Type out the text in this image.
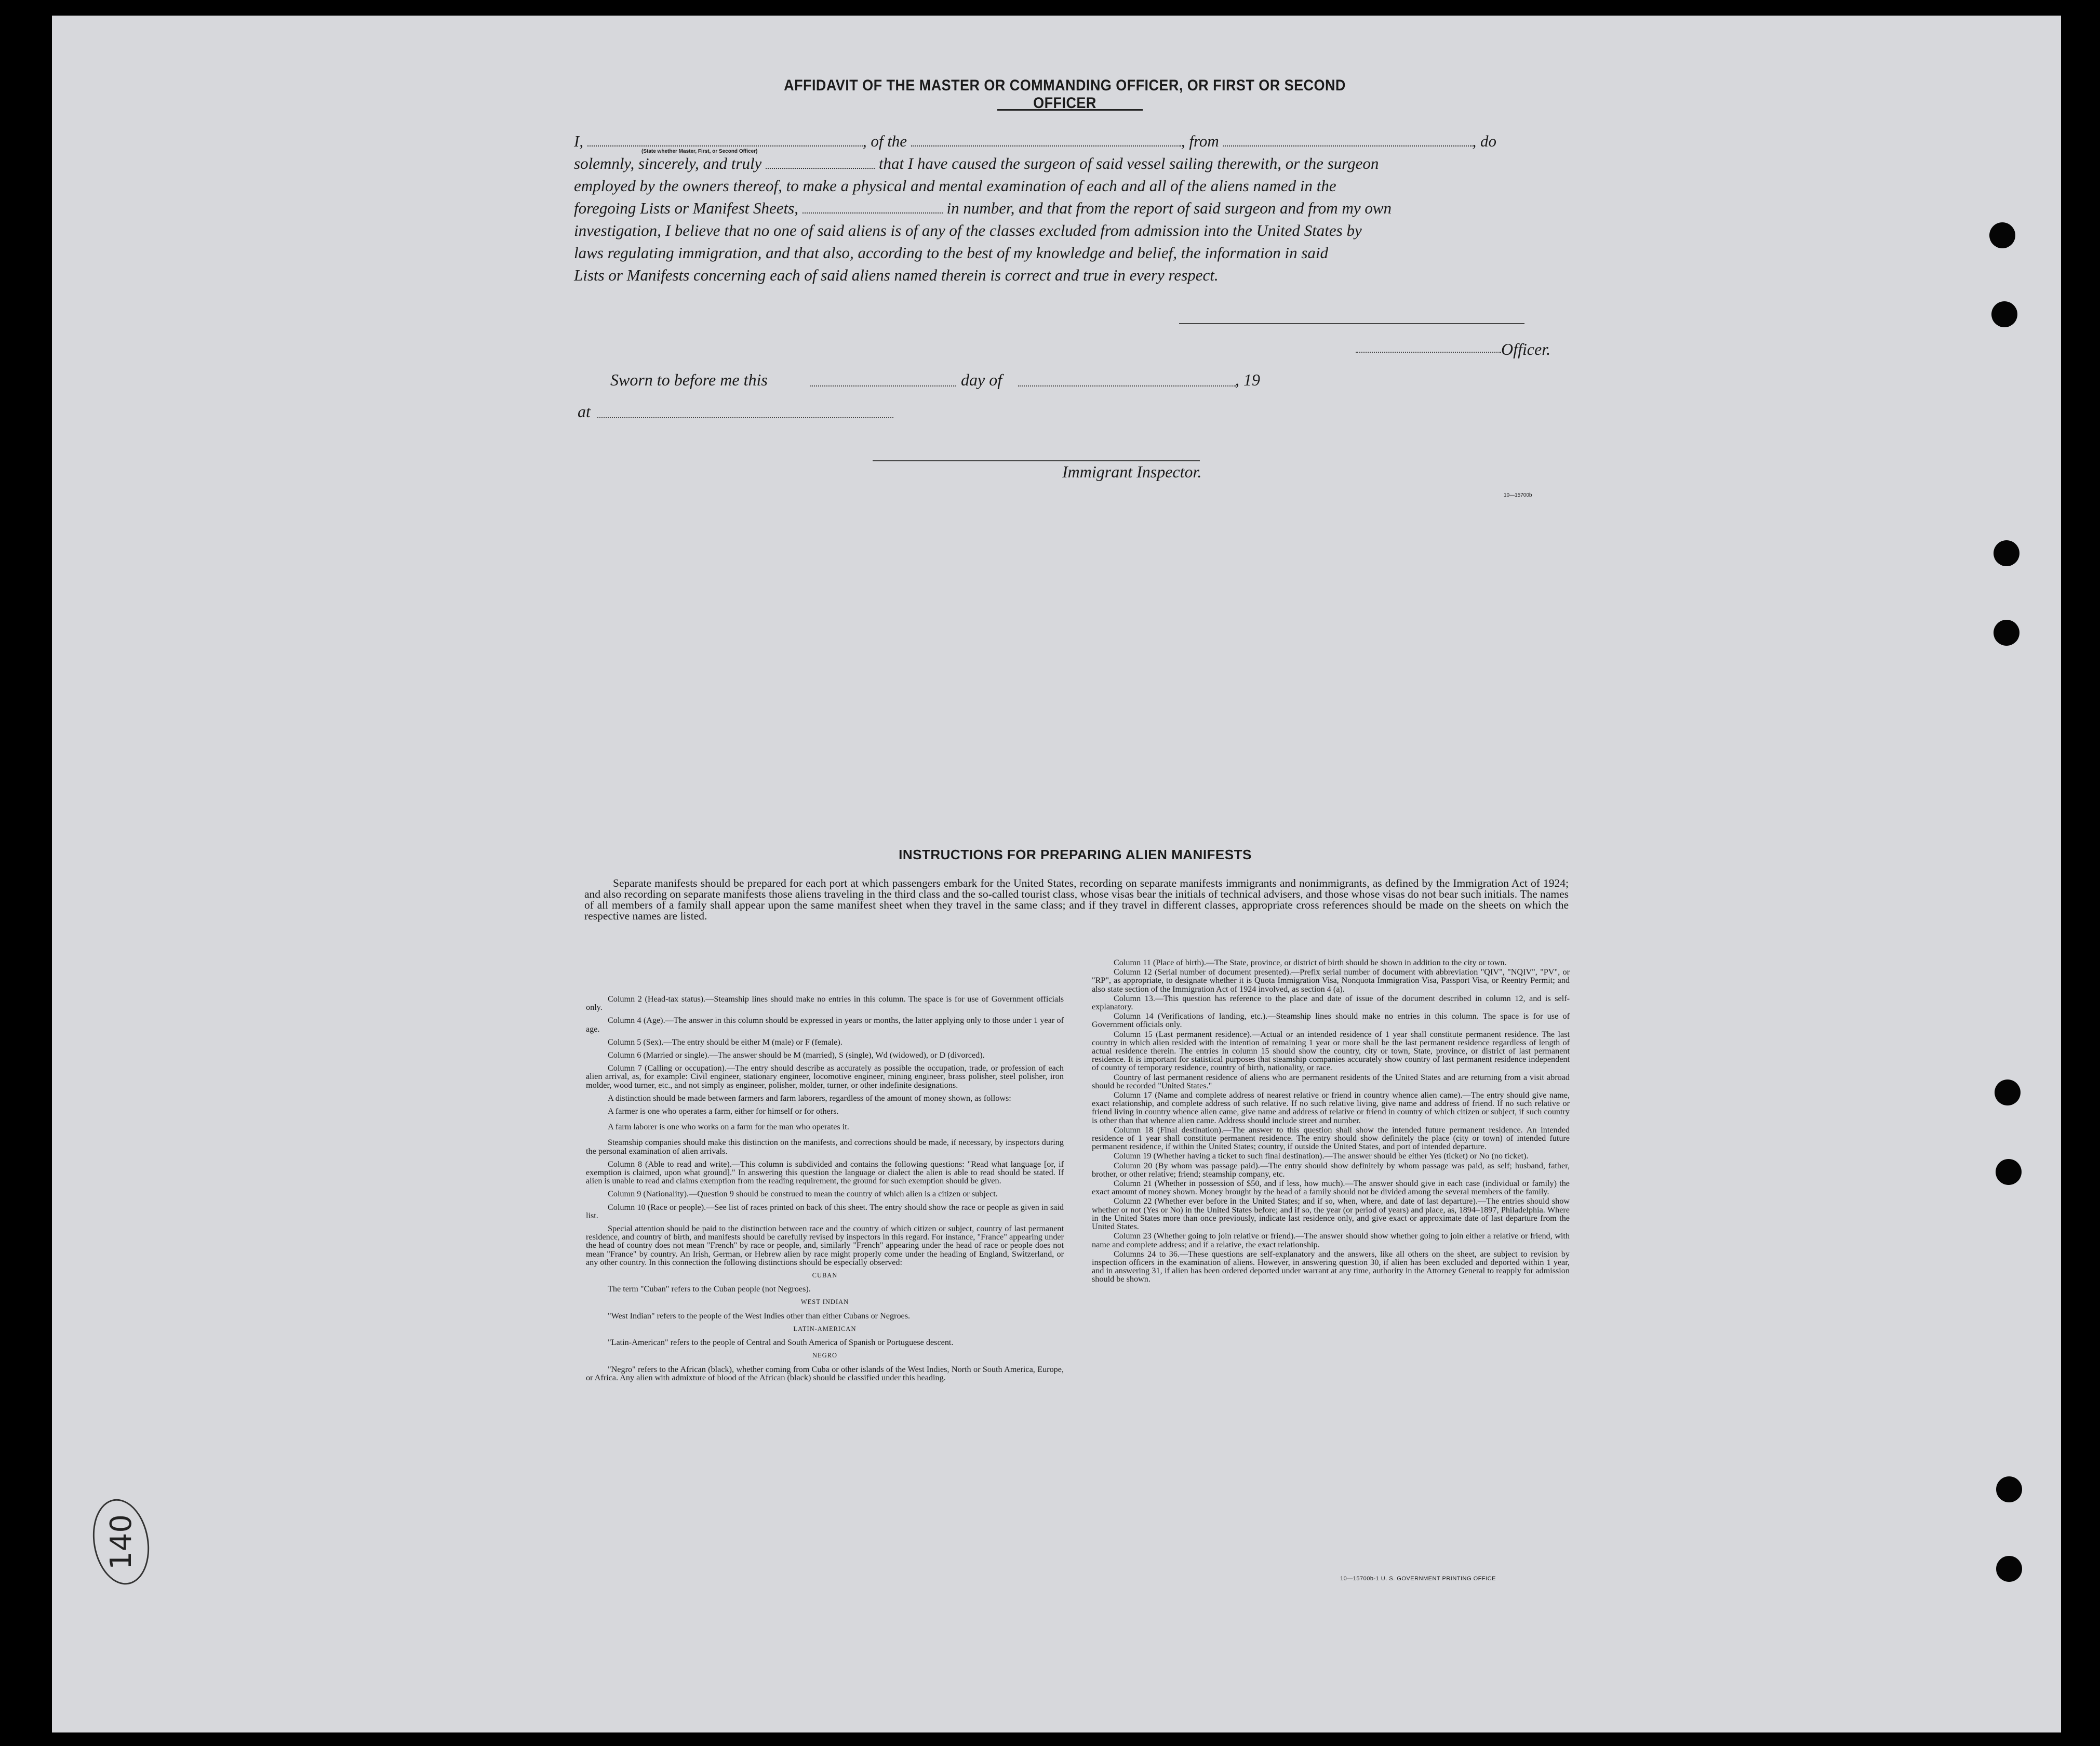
AFFIDAVIT OF THE MASTER OR COMMANDING OFFICER, OR FIRST OR SECOND OFFICER
I,	, of the	, from	, do
(State whether Master, First, or Second Officer)
solemnly, sincerely, and truly	that I have caused the surgeon of said vessel sailing therewith, or the surgeon
employed by the owners thereof, to make a physical and mental examination of each and all of the aliens named in the
foregoing Lists or Manifest Sheets,	in number, and that from the report of said surgeon and from my own
investigation, I believe that no one of said aliens is of any of the classes excluded from admission into the United States by
laws regulating immigration, and that also, according to the best of my knowledge and belief, the information in said
Lists or Manifests concerning each of said aliens named therein is correct and true in every respect.
Officer.
Sworn to before me this	day of	, 19
at
Immigrant Inspector.
10—15700b
INSTRUCTIONS FOR PREPARING ALIEN MANIFESTS
Separate manifests should be prepared for each port at which passengers embark for the United States, recording on separate manifests immigrants and nonimmigrants, as defined by the Immigration Act of 1924; and also recording on separate manifests those aliens traveling in the third class and the so-called tourist class, whose visas bear the initials of technical advisers, and those whose visas do not bear such initials. The names of all members of a family shall appear upon the same manifest sheet when they travel in the same class; and if they travel in different classes, appropriate cross references should be made on the sheets on which the respective names are listed.

Column 2 (Head-tax status).—Steamship lines should make no entries in this column. The space is for use of Government officials only.

Column 4 (Age).—The answer in this column should be expressed in years or months, the latter applying only to those under 1 year of age.

Column 5 (Sex).—The entry should be either M (male) or F (female).

Column 6 (Married or single).—The answer should be M (married), S (single), Wd (widowed), or D (divorced).

Column 7 (Calling or occupation).—The entry should describe as accurately as possible the occupation, trade, or profession of each alien arrival, as, for example: Civil engineer, stationary engineer, locomotive engineer, mining engineer, brass polisher, steel polisher, iron molder, wood turner, etc., and not simply as engineer, polisher, molder, turner, or other indefinite designations.

A distinction should be made between farmers and farm laborers, regardless of the amount of money shown, as follows:

A farmer is one who operates a farm, either for himself or for others.

A farm laborer is one who works on a farm for the man who operates it.

Steamship companies should make this distinction on the manifests, and corrections should be made, if necessary, by inspectors during the personal examination of alien arrivals.

Column 8 (Able to read and write).—This column is subdivided and contains the following questions: "Read what language [or, if exemption is claimed, upon what ground]." In answering this question the language or dialect the alien is able to read should be stated. If alien is unable to read and claims exemption from the reading requirement, the ground for such exemption should be given.

Column 9 (Nationality).—Question 9 should be construed to mean the country of which alien is a citizen or subject.

Column 10 (Race or people).—See list of races printed on back of this sheet. The entry should show the race or people as given in said list.

Special attention should be paid to the distinction between race and the country of which citizen or subject, country of last permanent residence, and country of birth, and manifests should be carefully revised by inspectors in this regard. For instance, "France" appearing under the head of country does not mean "French" by race or people, and, similarly "French" appearing under the head of race or people does not mean "France" by country. An Irish, German, or Hebrew alien by race might properly come under the heading of England, Switzerland, or any other country. In this connection the following distinctions should be especially observed:

CUBAN

The term "Cuban" refers to the Cuban people (not Negroes).

WEST INDIAN

"West Indian" refers to the people of the West Indies other than either Cubans or Negroes.

LATIN-AMERICAN

"Latin-American" refers to the people of Central and South America of Spanish or Portuguese descent.

NEGRO

"Negro" refers to the African (black), whether coming from Cuba or other islands of the West Indies, North or South America, Europe, or Africa. Any alien with admixture of blood of the African (black) should be classified under this heading.

Column 11 (Place of birth).—The State, province, or district of birth should be shown in addition to the city or town.

Column 12 (Serial number of document presented).—Prefix serial number of document with abbreviation "QIV", "NQIV", "PV", or "RP", as appropriate, to designate whether it is Quota Immigration Visa, Nonquota Immigration Visa, Passport Visa, or Reentry Permit; and also state section of the Immigration Act of 1924 involved, as section 4 (a).

Column 13.—This question has reference to the place and date of issue of the document described in column 12, and is self-explanatory.

Column 14 (Verifications of landing, etc.).—Steamship lines should make no entries in this column. The space is for use of Government officials only.

Column 15 (Last permanent residence).—Actual or an intended residence of 1 year shall constitute permanent residence. The last country in which alien resided with the intention of remaining 1 year or more shall be the last permanent residence regardless of length of actual residence therein. The entries in column 15 should show the country, city or town, State, province, or district of last permanent residence. It is important for statistical purposes that steamship companies accurately show country of last permanent residence independent of country of temporary residence, country of birth, nationality, or race.

Country of last permanent residence of aliens who are permanent residents of the United States and are returning from a visit abroad should be recorded "United States."

Column 17 (Name and complete address of nearest relative or friend in country whence alien came).—The entry should give name, exact relationship, and complete address of such relative. If no such relative living, give name and address of friend. If no such relative or friend living in country whence alien came, give name and address of relative or friend in country of which citizen or subject, if such country is other than that whence alien came. Address should include street and number.

Column 18 (Final destination).—The answer to this question shall show the intended future permanent residence. An intended residence of 1 year shall constitute permanent residence. The entry should show definitely the place (city or town) of intended future permanent residence, if within the United States; country, if outside the United States, and port of intended departure.

Column 19 (Whether having a ticket to such final destination).—The answer should be either Yes (ticket) or No (no ticket).

Column 20 (By whom was passage paid).—The entry should show definitely by whom passage was paid, as self; husband, father, brother, or other relative; friend; steamship company, etc.

Column 21 (Whether in possession of $50, and if less, how much).—The answer should give in each case (individual or family) the exact amount of money shown. Money brought by the head of a family should not be divided among the several members of the family.

Column 22 (Whether ever before in the United States; and if so, when, where, and date of last departure).—The entries should show whether or not (Yes or No) in the United States before; and if so, the year (or period of years) and place, as, 1894–1897, Philadelphia. Where in the United States more than once previously, indicate last residence only, and give exact or approximate date of last departure from the United States.

Column 23 (Whether going to join relative or friend).—The answer should show whether going to join either a relative or friend, with name and complete address; and if a relative, the exact relationship.

Columns 24 to 36.—These questions are self-explanatory and the answers, like all others on the sheet, are subject to revision by inspection officers in the examination of aliens. However, in answering question 30, if alien has been excluded and deported within 1 year, and in answering 31, if alien has been ordered deported under warrant at any time, authority in the Attorney General to reapply for admission should be shown.

10—15700b-1 U. S. GOVERNMENT PRINTING OFFICE
140
